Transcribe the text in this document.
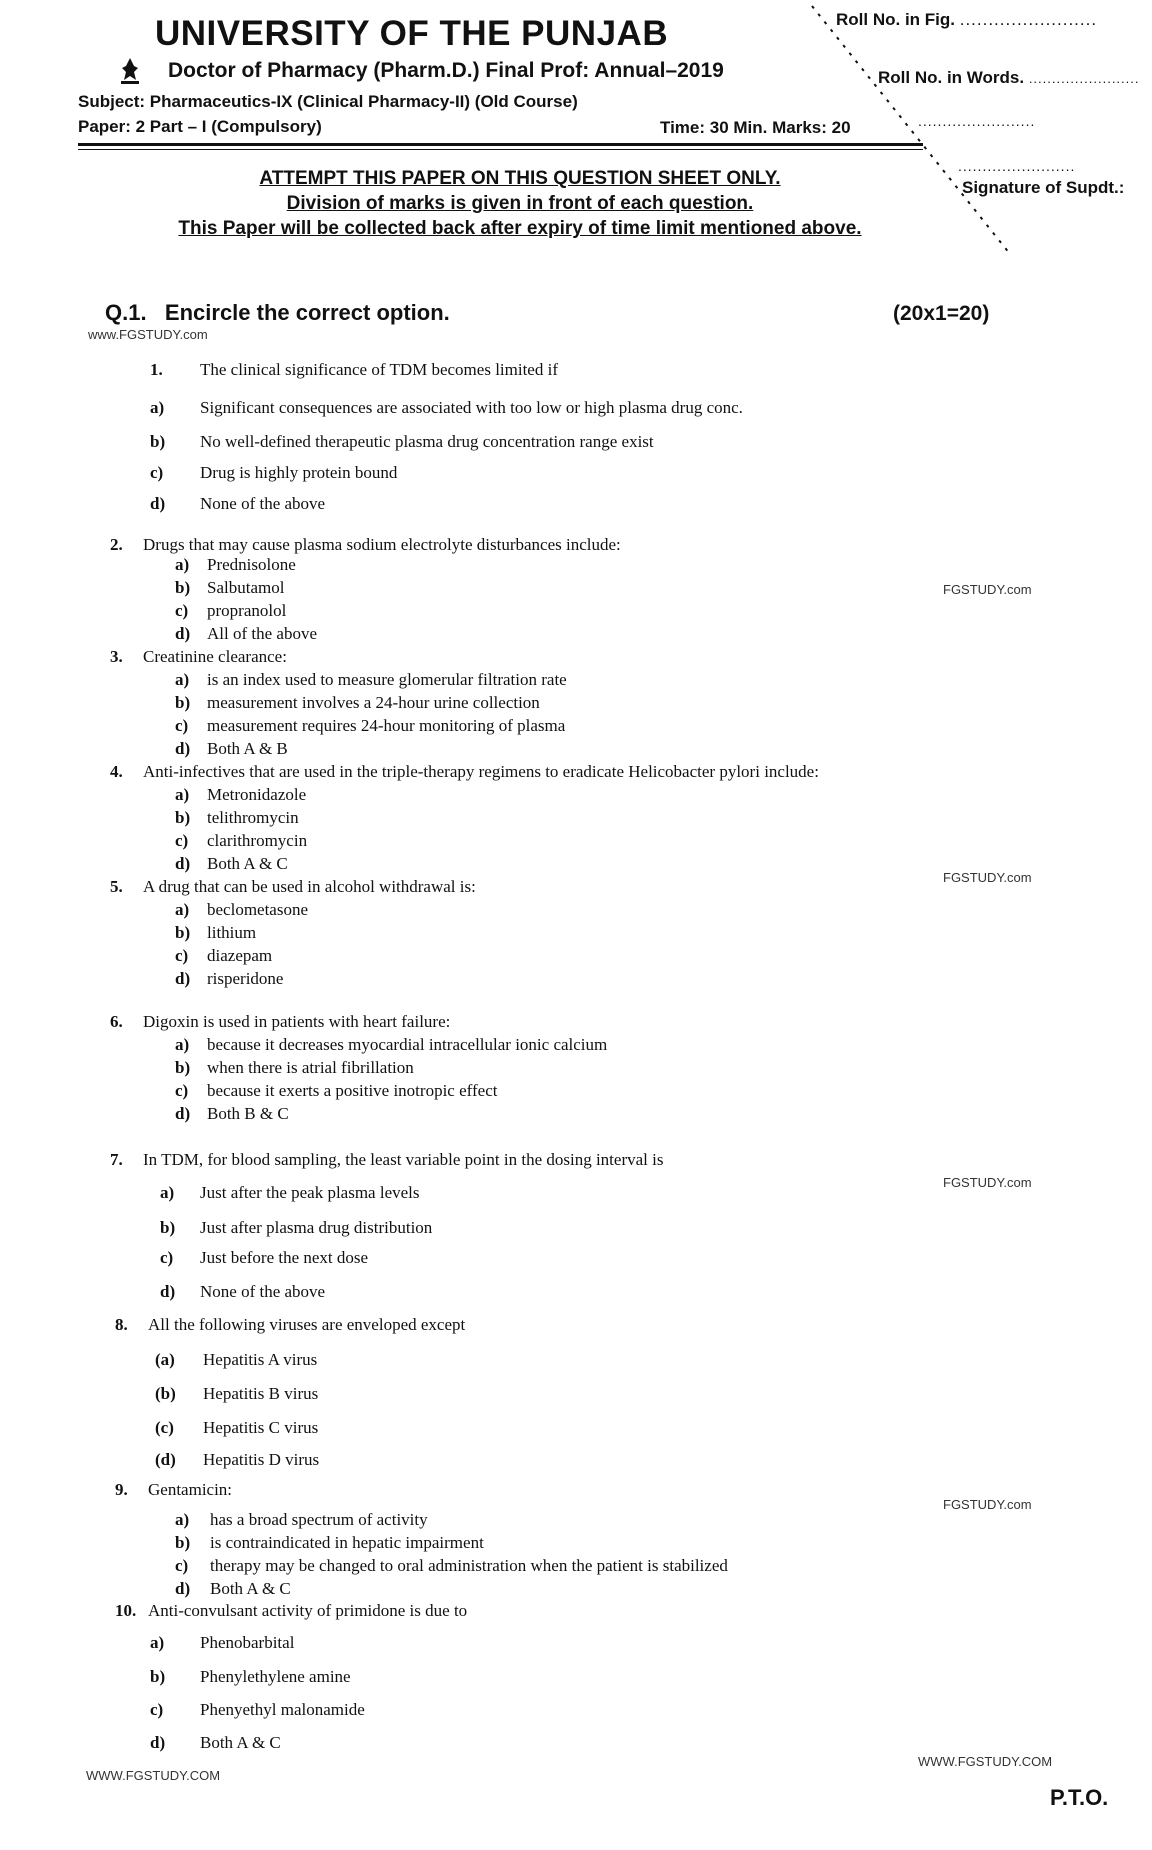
UNIVERSITY OF THE PUNJAB
Doctor of Pharmacy (Pharm.D.) Final Prof: Annual–2019
Subject: Pharmaceutics-IX (Clinical Pharmacy-II) (Old Course)
Paper: 2 Part – I (Compulsory)	Time: 30 Min. Marks: 20
Roll No. in Fig. ........................
Roll No. in Words. ........................
........................
........................
Signature of Supdt.:
ATTEMPT THIS PAPER ON THIS QUESTION SHEET ONLY.
Division of marks is given in front of each question.
This Paper will be collected back after expiry of time limit mentioned above.
Q.1. Encircle the correct option.	(20x1=20)
www.FGSTUDY.com
FGSTUDY.com
FGSTUDY.com
FGSTUDY.com
FGSTUDY.com
WWW.FGSTUDY.COM
WWW.FGSTUDY.COM
1. The clinical significance of TDM becomes limited if
a) Significant consequences are associated with too low or high plasma drug conc.
b) No well-defined therapeutic plasma drug concentration range exist
c) Drug is highly protein bound
d) None of the above
2. Drugs that may cause plasma sodium electrolyte disturbances include:
a) Prednisolone
b) Salbutamol
c) propranolol
d) All of the above
3. Creatinine clearance:
a) is an index used to measure glomerular filtration rate
b) measurement involves a 24-hour urine collection
c) measurement requires 24-hour monitoring of plasma
d) Both A & B
4. Anti-infectives that are used in the triple-therapy regimens to eradicate Helicobacter pylori include:
a) Metronidazole
b) telithromycin
c) clarithromycin
d) Both A & C
5. A drug that can be used in alcohol withdrawal is:
a) beclometasone
b) lithium
c) diazepam
d) risperidone
6. Digoxin is used in patients with heart failure:
a) because it decreases myocardial intracellular ionic calcium
b) when there is atrial fibrillation
c) because it exerts a positive inotropic effect
d) Both B & C
7. In TDM, for blood sampling, the least variable point in the dosing interval is
a) Just after the peak plasma levels
b) Just after plasma drug distribution
c) Just before the next dose
d) None of the above
8. All the following viruses are enveloped except
(a) Hepatitis A virus
(b) Hepatitis B virus
(c) Hepatitis C virus
(d) Hepatitis D virus
9. Gentamicin:
a) has a broad spectrum of activity
b) is contraindicated in hepatic impairment
c) therapy may be changed to oral administration when the patient is stabilized
d) Both A & C
10. Anti-convulsant activity of primidone is due to
a) Phenobarbital
b) Phenylethylene amine
c) Phenyethyl malonamide
d) Both A & C
P.T.O.
